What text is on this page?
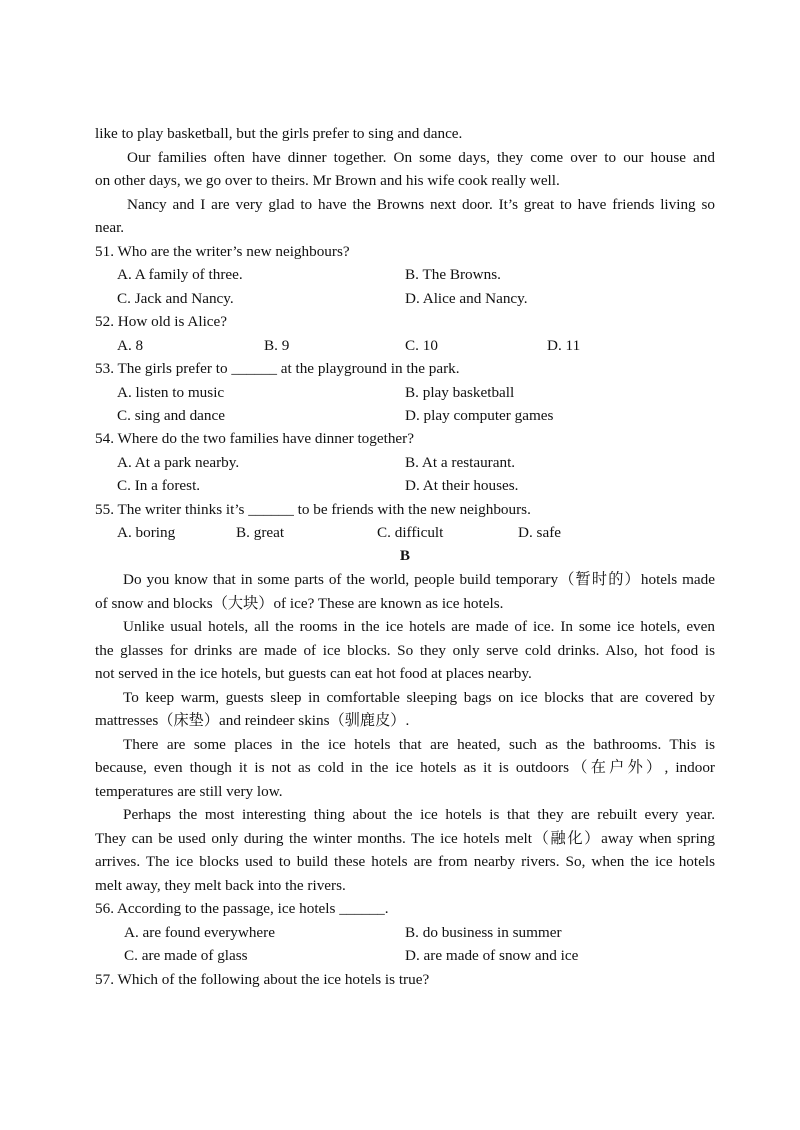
like to play basketball, but the girls prefer to sing and dance.
Our families often have dinner together. On some days, they come over to our house and
on other days, we go over to theirs. Mr Brown and his wife cook really well.
Nancy and I are very glad to have the Browns next door. It’s great to have friends living so
near.
51. Who are the writer’s new neighbours?
A. A family of three.	B. The Browns.
C. Jack and Nancy.	D. Alice and Nancy.
52. How old is Alice?
A. 8	B. 9	C. 10	D. 11
53. The girls prefer to ______ at the playground in the park.
A. listen to music	B. play basketball
C. sing and dance	D. play computer games
54. Where do the two families have dinner together?
A. At a park nearby.	B. At a restaurant.
C. In a forest.	D. At their houses.
55. The writer thinks it’s ______ to be friends with the new neighbours.
A. boring	B. great	C. difficult	D. safe
B
Do you know that in some parts of the world, people build temporary（暂时的）hotels made
of snow and blocks（大块）of ice? These are known as ice hotels.
Unlike usual hotels, all the rooms in the ice hotels are made of ice. In some ice hotels, even
the glasses for drinks are made of ice blocks. So they only serve cold drinks. Also, hot food is
not served in the ice hotels, but guests can eat hot food at places nearby.
To keep warm, guests sleep in comfortable sleeping bags on ice blocks that are covered by
mattresses（床垫）and reindeer skins（驯鹿皮）.
There are some places in the ice hotels that are heated, such as the bathrooms. This is
because, even though it is not as cold in the ice hotels as it is outdoors（在户外）, indoor
temperatures are still very low.
Perhaps the most interesting thing about the ice hotels is that they are rebuilt every year.
They can be used only during the winter months. The ice hotels melt（融化）away when spring
arrives. The ice blocks used to build these hotels are from nearby rivers. So, when the ice hotels
melt away, they melt back into the rivers.
56. According to the passage, ice hotels ______.
A. are found everywhere	B. do business in summer
C. are made of glass	D. are made of snow and ice
57. Which of the following about the ice hotels is true?
